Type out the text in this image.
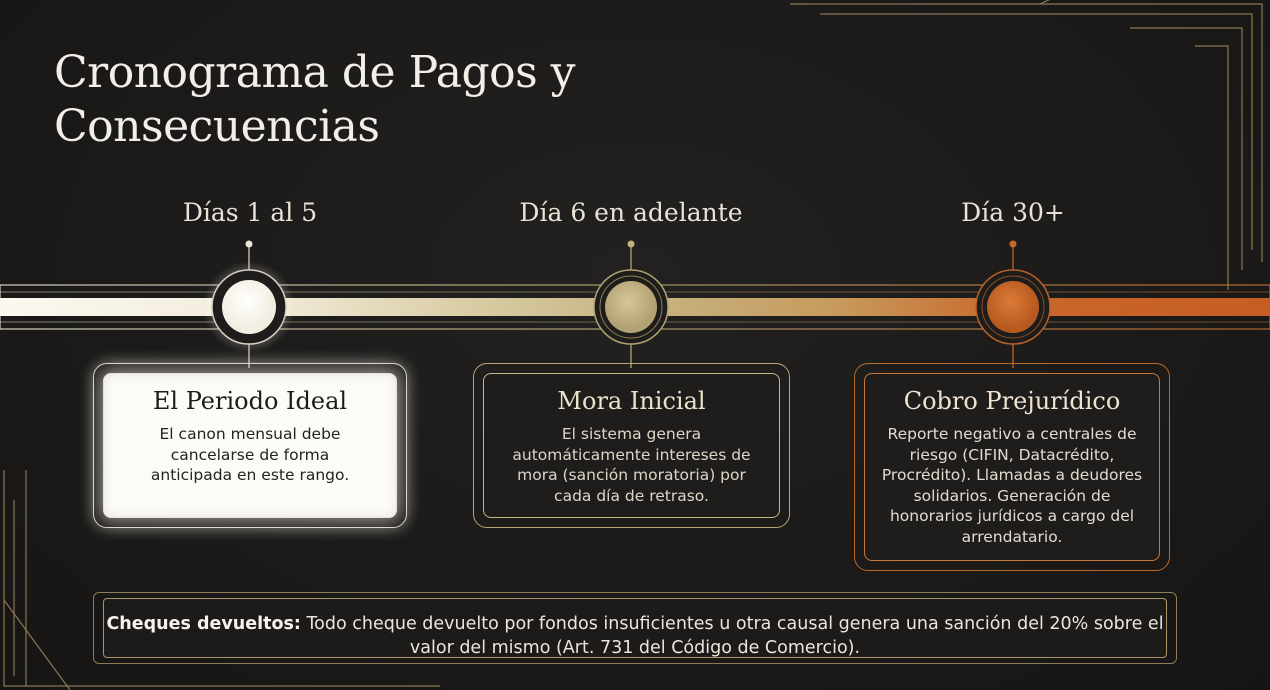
Cronograma de Pagos y
Consecuencias
Días 1 al 5	Día 6 en adelante	Día 30+
El Periodo Ideal
El canon mensual debe cancelarse de forma anticipada en este rango.
Mora Inicial
El sistema genera automáticamente intereses de mora (sanción moratoria) por cada día de retraso.
Cobro Prejurídico
Reporte negativo a centrales de riesgo (CIFIN, Datacrédito, Procrédito). Llamadas a deudores solidarios. Generación de honorarios jurídicos a cargo del arrendatario.
Cheques devueltos: Todo cheque devuelto por fondos insuficientes u otra causal genera una sanción del 20% sobre el valor del mismo (Art. 731 del Código de Comercio).
